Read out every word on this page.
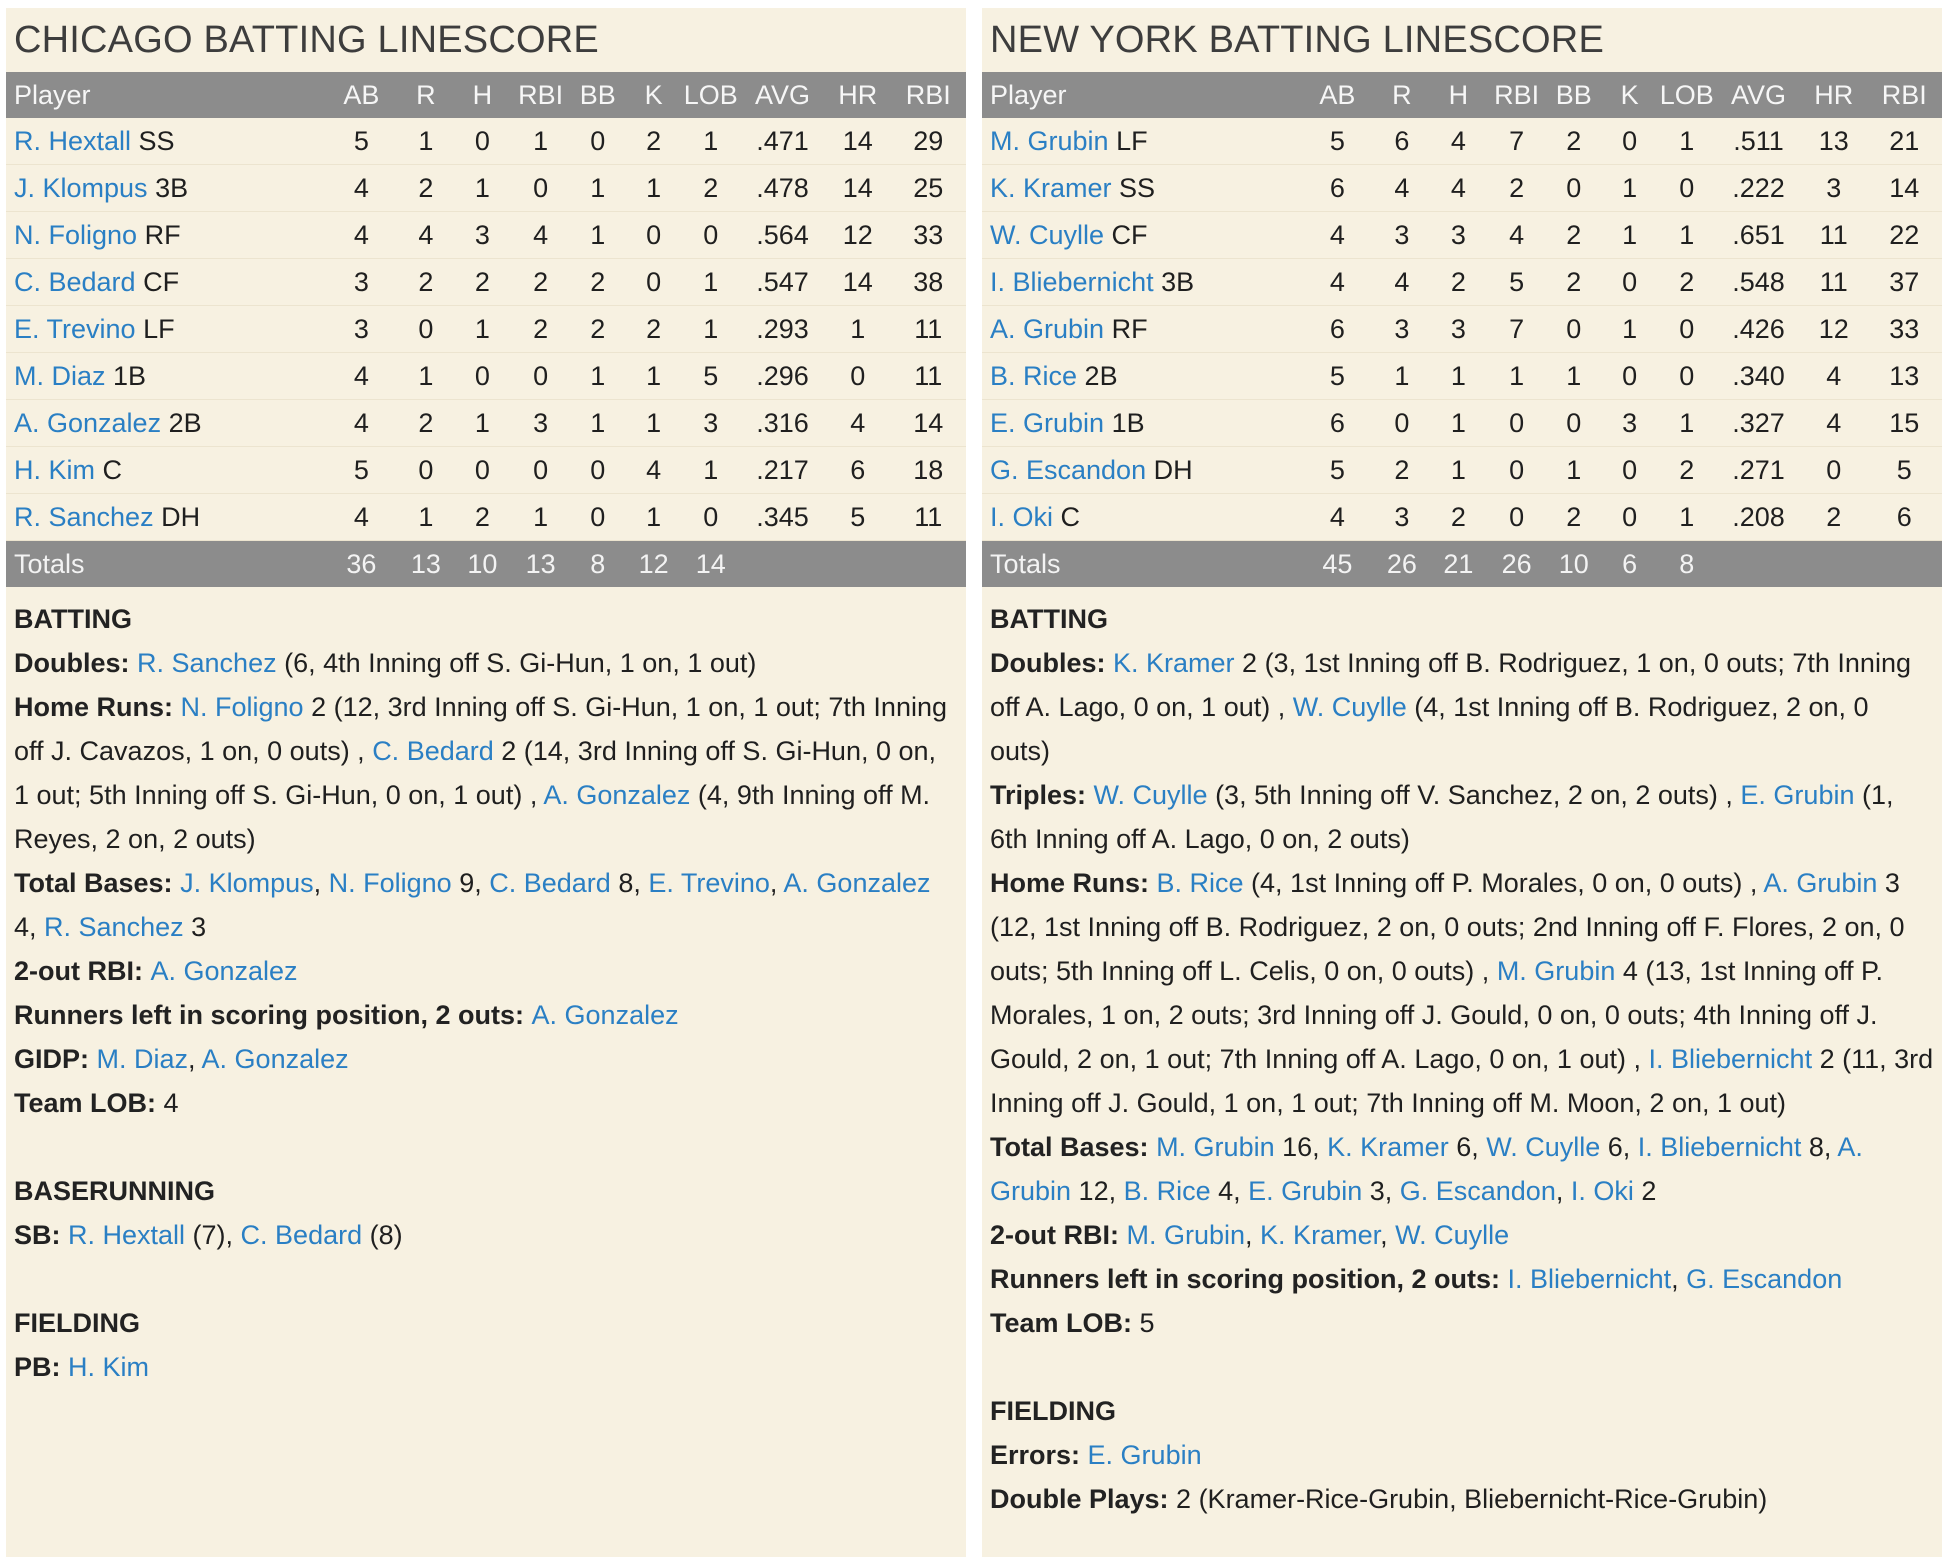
CHICAGO BATTING LINESCORE
Player	AB	R	H	RBI	BB	K	LOB	AVG	HR	RBI
R. Hextall SS	5	1	0	1	0	2	1	.471	14	29
J. Klompus 3B	4	2	1	0	1	1	2	.478	14	25
N. Foligno RF	4	4	3	4	1	0	0	.564	12	33
C. Bedard CF	3	2	2	2	2	0	1	.547	14	38
E. Trevino LF	3	0	1	2	2	2	1	.293	1	11
M. Diaz 1B	4	1	0	0	1	1	5	.296	0	11
A. Gonzalez 2B	4	2	1	3	1	1	3	.316	4	14
H. Kim C	5	0	0	0	0	4	1	.217	6	18
R. Sanchez DH	4	1	2	1	0	1	0	.345	5	11
Totals	36	13	10	13	8	12	14			
BATTING
Doubles: R. Sanchez (6, 4th Inning off S. Gi-Hun, 1 on, 1 out)
Home Runs: N. Foligno 2 (12, 3rd Inning off S. Gi-Hun, 1 on, 1 out; 7th Inning off J. Cavazos, 1 on, 0 outs) , C. Bedard 2 (14, 3rd Inning off S. Gi-Hun, 0 on, 1 out; 5th Inning off S. Gi-Hun, 0 on, 1 out) , A. Gonzalez (4, 9th Inning off M. Reyes, 2 on, 2 outs)
Total Bases: J. Klompus, N. Foligno 9, C. Bedard 8, E. Trevino, A. Gonzalez 4, R. Sanchez 3
2-out RBI: A. Gonzalez
Runners left in scoring position, 2 outs: A. Gonzalez
GIDP: M. Diaz, A. Gonzalez
Team LOB: 4
BASERUNNING
SB: R. Hextall (7), C. Bedard (8)
FIELDING
PB: H. Kim
NEW YORK BATTING LINESCORE
Player	AB	R	H	RBI	BB	K	LOB	AVG	HR	RBI
M. Grubin LF	5	6	4	7	2	0	1	.511	13	21
K. Kramer SS	6	4	4	2	0	1	0	.222	3	14
W. Cuylle CF	4	3	3	4	2	1	1	.651	11	22
I. Bliebernicht 3B	4	4	2	5	2	0	2	.548	11	37
A. Grubin RF	6	3	3	7	0	1	0	.426	12	33
B. Rice 2B	5	1	1	1	1	0	0	.340	4	13
E. Grubin 1B	6	0	1	0	0	3	1	.327	4	15
G. Escandon DH	5	2	1	0	1	0	2	.271	0	5
I. Oki C	4	3	2	0	2	0	1	.208	2	6
Totals	45	26	21	26	10	6	8			
BATTING
Doubles: K. Kramer 2 (3, 1st Inning off B. Rodriguez, 1 on, 0 outs; 7th Inning off A. Lago, 0 on, 1 out) , W. Cuylle (4, 1st Inning off B. Rodriguez, 2 on, 0 outs)
Triples: W. Cuylle (3, 5th Inning off V. Sanchez, 2 on, 2 outs) , E. Grubin (1, 6th Inning off A. Lago, 0 on, 2 outs)
Home Runs: B. Rice (4, 1st Inning off P. Morales, 0 on, 0 outs) , A. Grubin 3 (12, 1st Inning off B. Rodriguez, 2 on, 0 outs; 2nd Inning off F. Flores, 2 on, 0 outs; 5th Inning off L. Celis, 0 on, 0 outs) , M. Grubin 4 (13, 1st Inning off P. Morales, 1 on, 2 outs; 3rd Inning off J. Gould, 0 on, 0 outs; 4th Inning off J. Gould, 2 on, 1 out; 7th Inning off A. Lago, 0 on, 1 out) , I. Bliebernicht 2 (11, 3rd Inning off J. Gould, 1 on, 1 out; 7th Inning off M. Moon, 2 on, 1 out)
Total Bases: M. Grubin 16, K. Kramer 6, W. Cuylle 6, I. Bliebernicht 8, A. Grubin 12, B. Rice 4, E. Grubin 3, G. Escandon, I. Oki 2
2-out RBI: M. Grubin, K. Kramer, W. Cuylle
Runners left in scoring position, 2 outs: I. Bliebernicht, G. Escandon
Team LOB: 5
FIELDING
Errors: E. Grubin
Double Plays: 2 (Kramer-Rice-Grubin, Bliebernicht-Rice-Grubin)
